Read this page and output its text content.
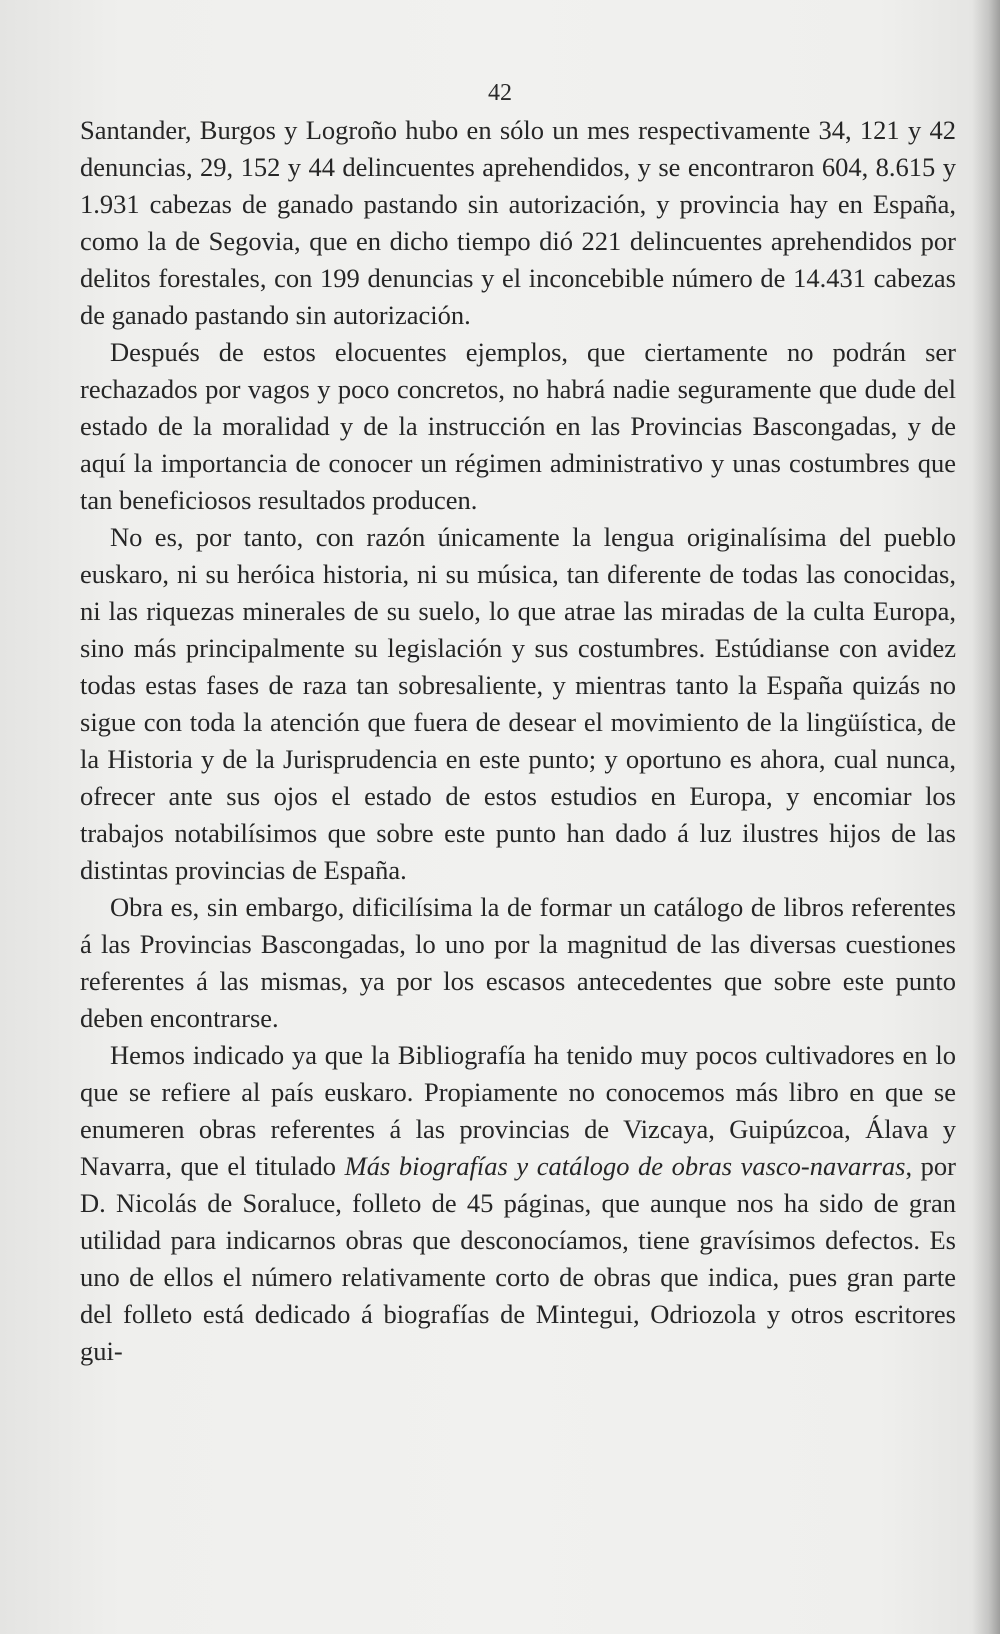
42

Santander, Burgos y Logroño hubo en sólo un mes respectivamente 34, 121 y 42 denuncias, 29, 152 y 44 delincuentes aprehendidos, y se encontraron 604, 8.615 y 1.931 cabezas de ganado pastando sin autorización, y provincia hay en España, como la de Segovia, que en dicho tiempo dió 221 delincuentes aprehendidos por delitos forestales, con 199 denuncias y el inconcebible número de 14.431 cabezas de ganado pastando sin autorización.

Después de estos elocuentes ejemplos, que ciertamente no podrán ser rechazados por vagos y poco concretos, no habrá nadie seguramente que dude del estado de la moralidad y de la instrucción en las Provincias Bascongadas, y de aquí la importancia de conocer un régimen administrativo y unas costumbres que tan beneficiosos resultados producen.

No es, por tanto, con razón únicamente la lengua originalísima del pueblo euskaro, ni su heróica historia, ni su música, tan diferente de todas las conocidas, ni las riquezas minerales de su suelo, lo que atrae las miradas de la culta Europa, sino más principalmente su legislación y sus costumbres. Estúdianse con avidez todas estas fases de raza tan sobresaliente, y mientras tanto la España quizás no sigue con toda la atención que fuera de desear el movimiento de la lingüística, de la Historia y de la Jurisprudencia en este punto; y oportuno es ahora, cual nunca, ofrecer ante sus ojos el estado de estos estudios en Europa, y encomiar los trabajos notabilísimos que sobre este punto han dado á luz ilustres hijos de las distintas provincias de España.

Obra es, sin embargo, dificilísima la de formar un catálogo de libros referentes á las Provincias Bascongadas, lo uno por la magnitud de las diversas cuestiones referentes á las mismas, ya por los escasos antecedentes que sobre este punto deben encontrarse.

Hemos indicado ya que la Bibliografía ha tenido muy pocos cultivadores en lo que se refiere al país euskaro. Propiamente no conocemos más libro en que se enumeren obras referentes á las provincias de Vizcaya, Guipúzcoa, Álava y Navarra, que el titulado Más biografías y catálogo de obras vasco-navarras, por D. Nicolás de Soraluce, folleto de 45 páginas, que aunque nos ha sido de gran utilidad para indicarnos obras que desconocíamos, tiene gravísimos defectos. Es uno de ellos el número relativamente corto de obras que indica, pues gran parte del folleto está dedicado á biografías de Mintegui, Odriozola y otros escritores gui-
